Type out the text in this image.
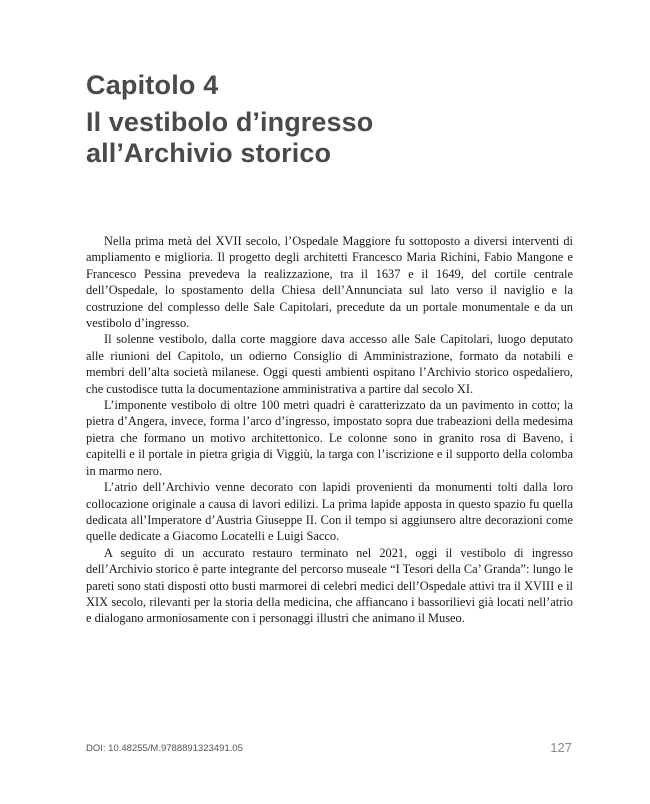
Capitolo 4
Il vestibolo d’ingresso
all’Archivio storico

Nella prima metà del XVII secolo, l’Ospedale Maggiore fu sottoposto a diversi interventi di ampliamento e miglioria. Il progetto degli architetti Francesco Maria Richini, Fabio Mangone e Francesco Pessina prevedeva la realizzazione, tra il 1637 e il 1649, del cortile centrale dell’Ospedale, lo spostamento della Chiesa dell’Annunciata sul lato verso il naviglio e la costruzione del complesso delle Sale Capitolari, precedute da un portale monumentale e da un vestibolo d’ingresso.

Il solenne vestibolo, dalla corte maggiore dava accesso alle Sale Capitolari, luogo deputato alle riunioni del Capitolo, un odierno Consiglio di Amministrazione, formato da notabili e membri dell’alta società milanese. Oggi questi ambienti ospitano l’Archivio storico ospedaliero, che custodisce tutta la documentazione amministrativa a partire dal secolo XI.

L’imponente vestibolo di oltre 100 metri quadri è caratterizzato da un pavimento in cotto; la pietra d’Angera, invece, forma l’arco d’ingresso, impostato sopra due trabeazioni della medesima pietra che formano un motivo architettonico. Le colonne sono in granito rosa di Baveno, i capitelli e il portale in pietra grigia di Viggiù, la targa con l’iscrizione e il supporto della colomba in marmo nero.

L’atrio dell’Archivio venne decorato con lapidi provenienti da monumenti tolti dalla loro collocazione originale a causa di lavori edilizi. La prima lapide apposta in questo spazio fu quella dedicata all’Imperatore d’Austria Giuseppe II. Con il tempo si aggiunsero altre decorazioni come quelle dedicate a Giacomo Locatelli e Luigi Sacco.

A seguito di un accurato restauro terminato nel 2021, oggi il vestibolo di ingresso dell’Archivio storico è parte integrante del percorso museale “I Tesori della Ca’ Granda”: lungo le pareti sono stati disposti otto busti marmorei di celebri medici dell’Ospedale attivi tra il XVIII e il XIX secolo, rilevanti per la storia della medicina, che affiancano i bassorilievi già locati nell’atrio e dialogano armoniosamente con i personaggi illustri che animano il Museo.

DOI: 10.48255/M.9788891323491.05	127
